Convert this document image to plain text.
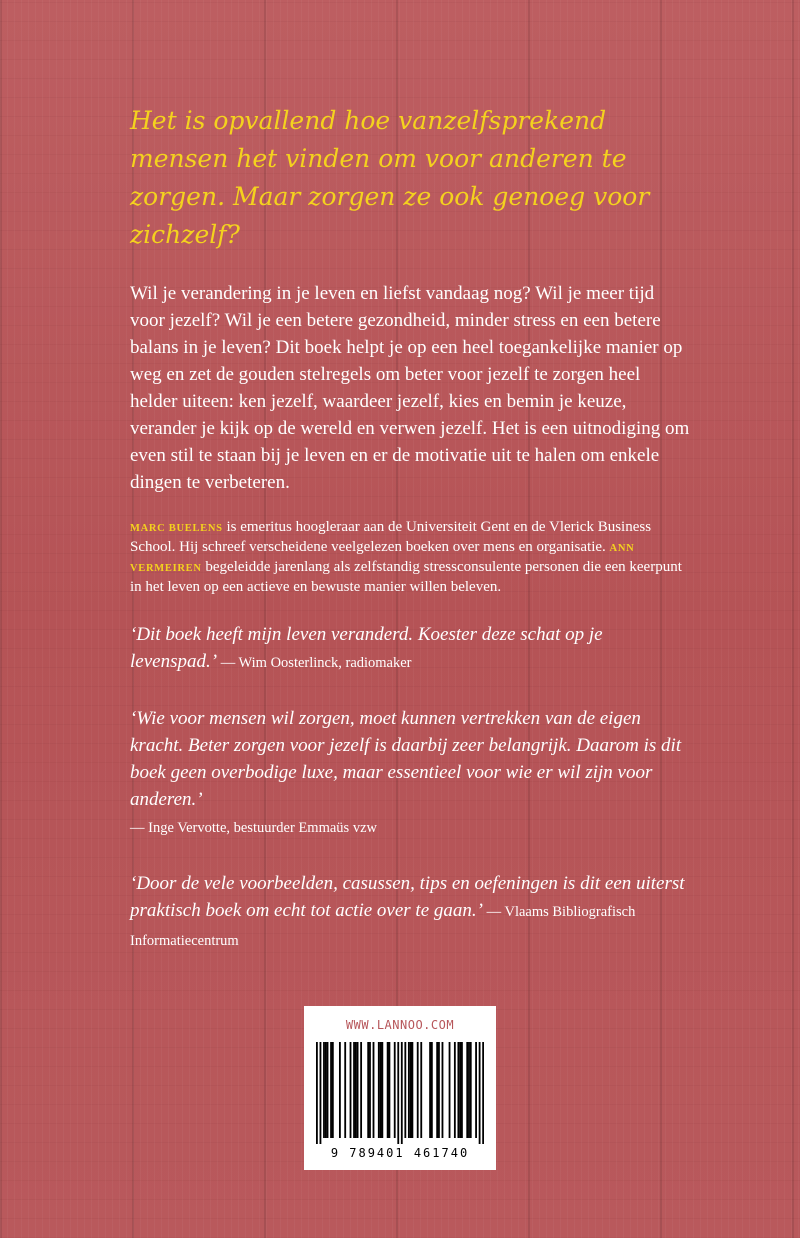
Het is opvallend hoe vanzelfsprekend mensen het vinden om voor anderen te zorgen. Maar zorgen ze ook genoeg voor zichzelf?

Wil je verandering in je leven en liefst vandaag nog? Wil je meer tijd voor jezelf? Wil je een betere gezondheid, minder stress en een betere balans in je leven? Dit boek helpt je op een heel toegankelijke manier op weg en zet de gouden stelregels om beter voor jezelf te zorgen heel helder uiteen: ken jezelf, waardeer jezelf, kies en bemin je keuze, verander je kijk op de wereld en verwen jezelf. Het is een uitnodiging om even stil te staan bij je leven en er de motivatie uit te halen om enkele dingen te verbeteren.

MARC BUELENS is emeritus hoogleraar aan de Universiteit Gent en de Vlerick Business School. Hij schreef verscheidene veelgelezen boeken over mens en organisatie. ANN VERMEIREN begeleidde jarenlang als zelfstandig stressconsulente personen die een keerpunt in het leven op een actieve en bewuste manier willen beleven.

‘Dit boek heeft mijn leven veranderd. Koester deze schat op je levenspad.’ — Wim Oosterlinck, radiomaker

‘Wie voor mensen wil zorgen, moet kunnen vertrekken van de eigen kracht. Beter zorgen voor jezelf is daarbij zeer belangrijk. Daarom is dit boek geen overbodige luxe, maar essentieel voor wie er wil zijn voor anderen.’
— Inge Vervotte, bestuurder Emmaüs vzw

‘Door de vele voorbeelden, casussen, tips en oefeningen is dit een uiterst praktisch boek om echt tot actie over te gaan.’ — Vlaams Bibliografisch Informatiecentrum

WWW.LANNOO.COM
9 789401 461740
